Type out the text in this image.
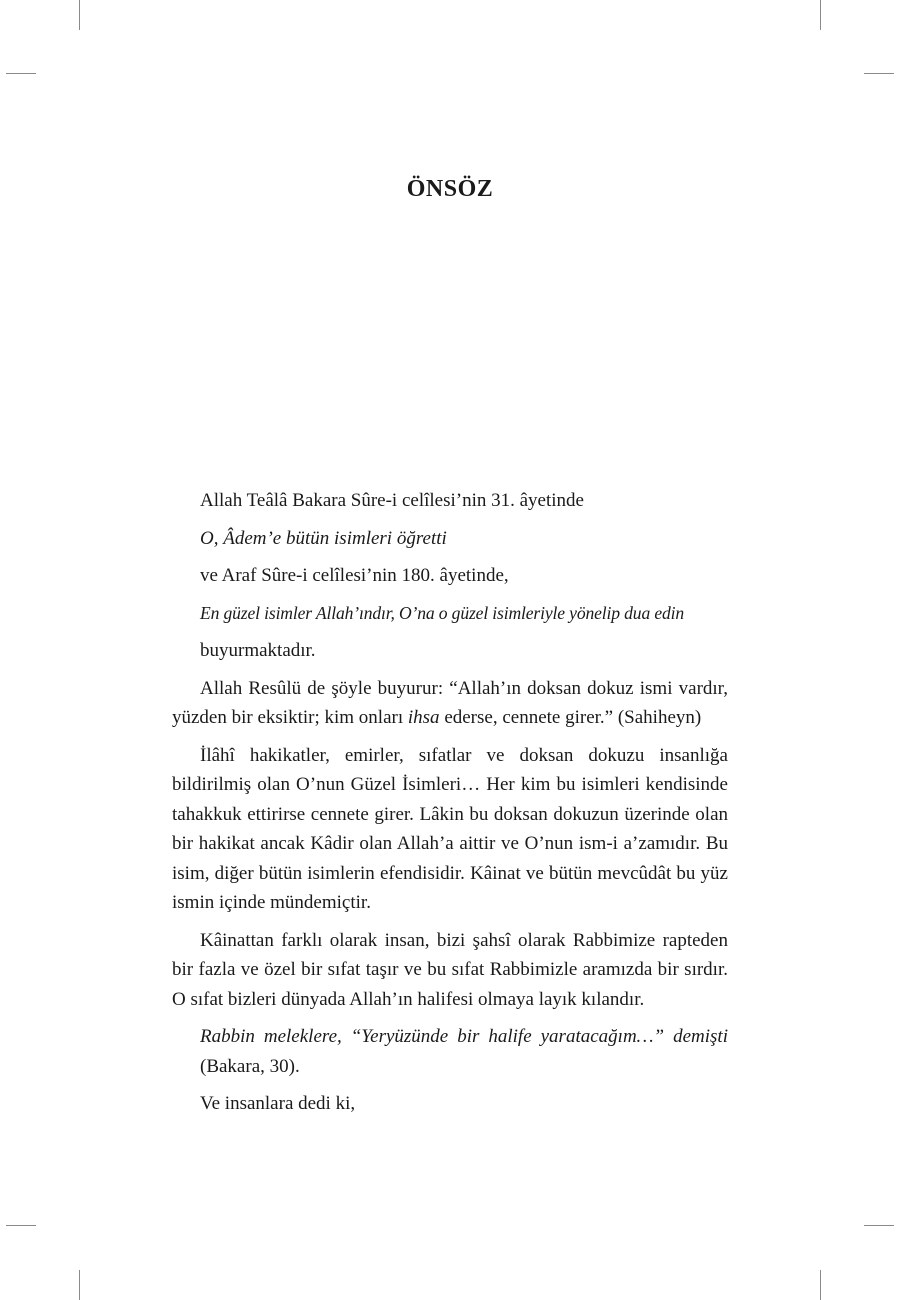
ÖNSÖZ

Allah Teâlâ Bakara Sûre-i celîlesi’nin 31. âyetinde

O, Âdem’e bütün isimleri öğretti

ve Araf Sûre-i celîlesi’nin 180. âyetinde,

En güzel isimler Allah’ındır, O’na o güzel isimleriyle yönelip dua edin

buyurmaktadır.

Allah Resûlü de şöyle buyurur: “Allah’ın doksan dokuz ismi vardır, yüzden bir eksiktir; kim onları ihsa ederse, cennete girer.” (Sahiheyn)

İlâhî hakikatler, emirler, sıfatlar ve doksan dokuzu insanlığa bildirilmiş olan O’nun Güzel İsimleri… Her kim bu isimleri kendisinde tahakkuk ettirirse cennete girer. Lâkin bu doksan dokuzun üzerinde olan bir hakikat ancak Kâdir olan Allah’a aittir ve O’nun ism-i a’zamıdır. Bu isim, diğer bütün isimlerin efendisidir. Kâinat ve bütün mevcûdât bu yüz ismin içinde mündemiçtir.

Kâinattan farklı olarak insan, bizi şahsî olarak Rabbimize raptеden bir fazla ve özel bir sıfat taşır ve bu sıfat Rabbimizle aramızda bir sırdır. O sıfat bizleri dünyada Allah’ın halifesi olmaya layık kılandır.

Rabbin meleklere, “Yeryüzünde bir halife yaratacağım…” demişti

(Bakara, 30).

Ve insanlara dedi ki,
